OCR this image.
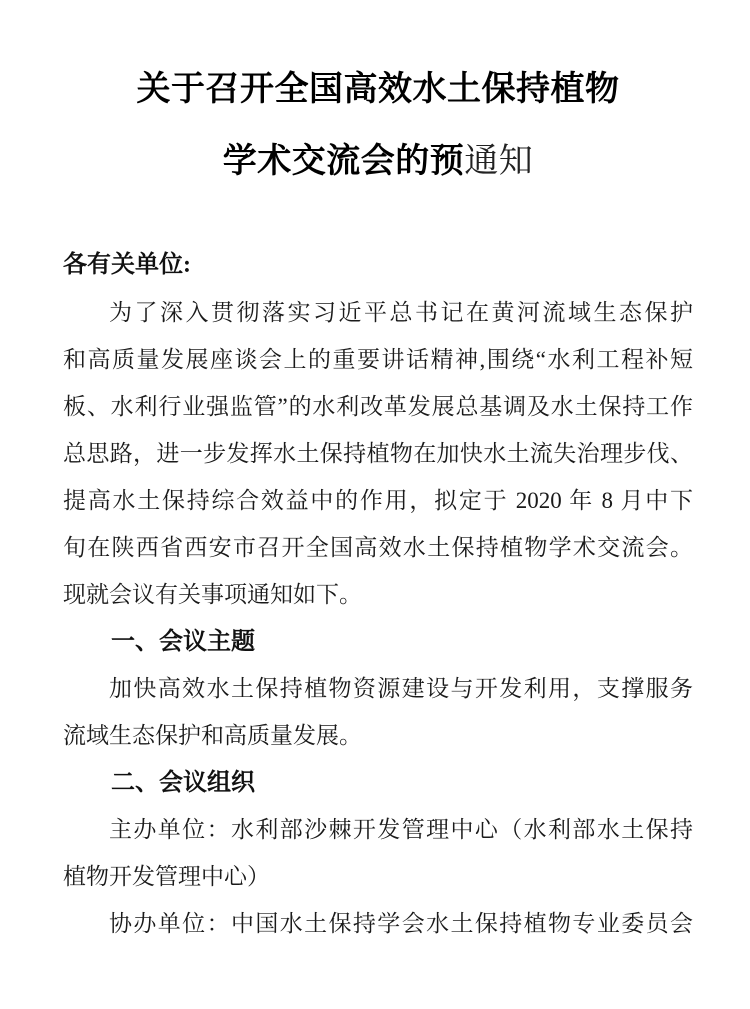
关于召开全国高效水土保持植物
学术交流会的预通知
各有关单位:
为了深入贯彻落实习近平总书记在黄河流域生态保护
和高质量发展座谈会上的重要讲话精神,围绕“水利工程补短
板、水利行业强监管”的水利改革发展总基调及水土保持工作
总思路，进一步发挥水土保持植物在加快水土流失治理步伐、
提高水土保持综合效益中的作用，拟定于 2020 年 8 月中下
旬在陕西省西安市召开全国高效水土保持植物学术交流会。
现就会议有关事项通知如下。
一、会议主题
加快高效水土保持植物资源建设与开发利用，支撑服务
流域生态保护和高质量发展。
二、会议组织
主办单位：水利部沙棘开发管理中心（水利部水土保持
植物开发管理中心）
协办单位：中国水土保持学会水土保持植物专业委员会
